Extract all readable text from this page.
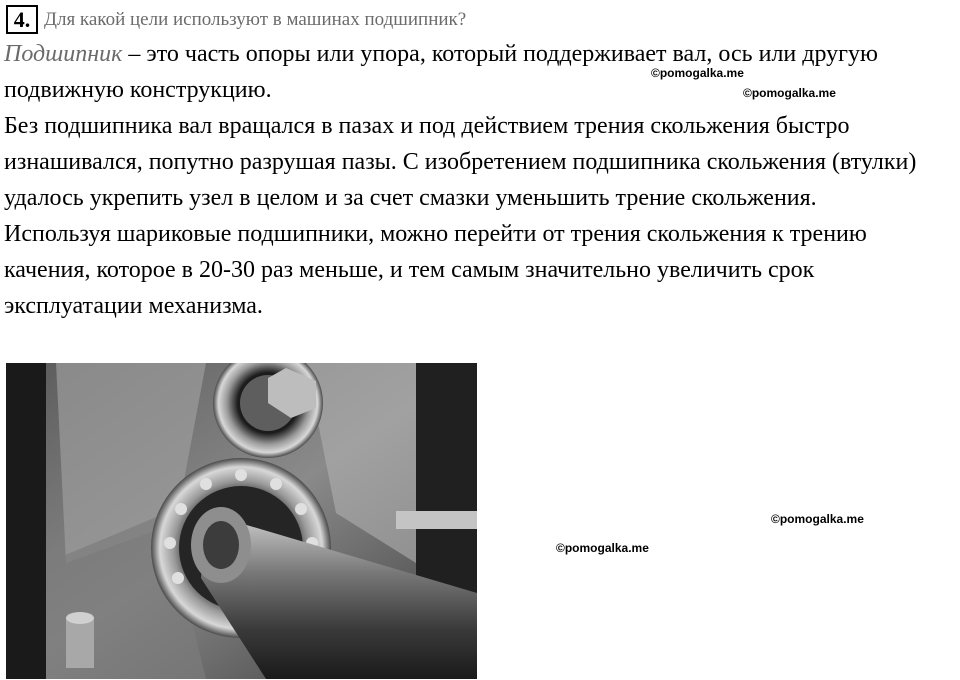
4. Для какой цели используют в машинах подшипник?

Подшипник – это часть опоры или упора, который поддерживает вал, ось или другую подвижную конструкцию.

Без подшипника вал вращался в пазах и под действием трения скольжения быстро изнашивался, попутно разрушая пазы. С изобретением подшипника скольжения (втулки) удалось укрепить узел в целом и за счет смазки уменьшить трение скольжения.

Используя шариковые подшипники, можно перейти от трения скольжения к трению качения, которое в 20-30 раз меньше, и тем самым значительно увеличить срок эксплуатации механизма.

©pomogalka.me
©pomogalka.me
©pomogalka.me
©pomogalka.me
